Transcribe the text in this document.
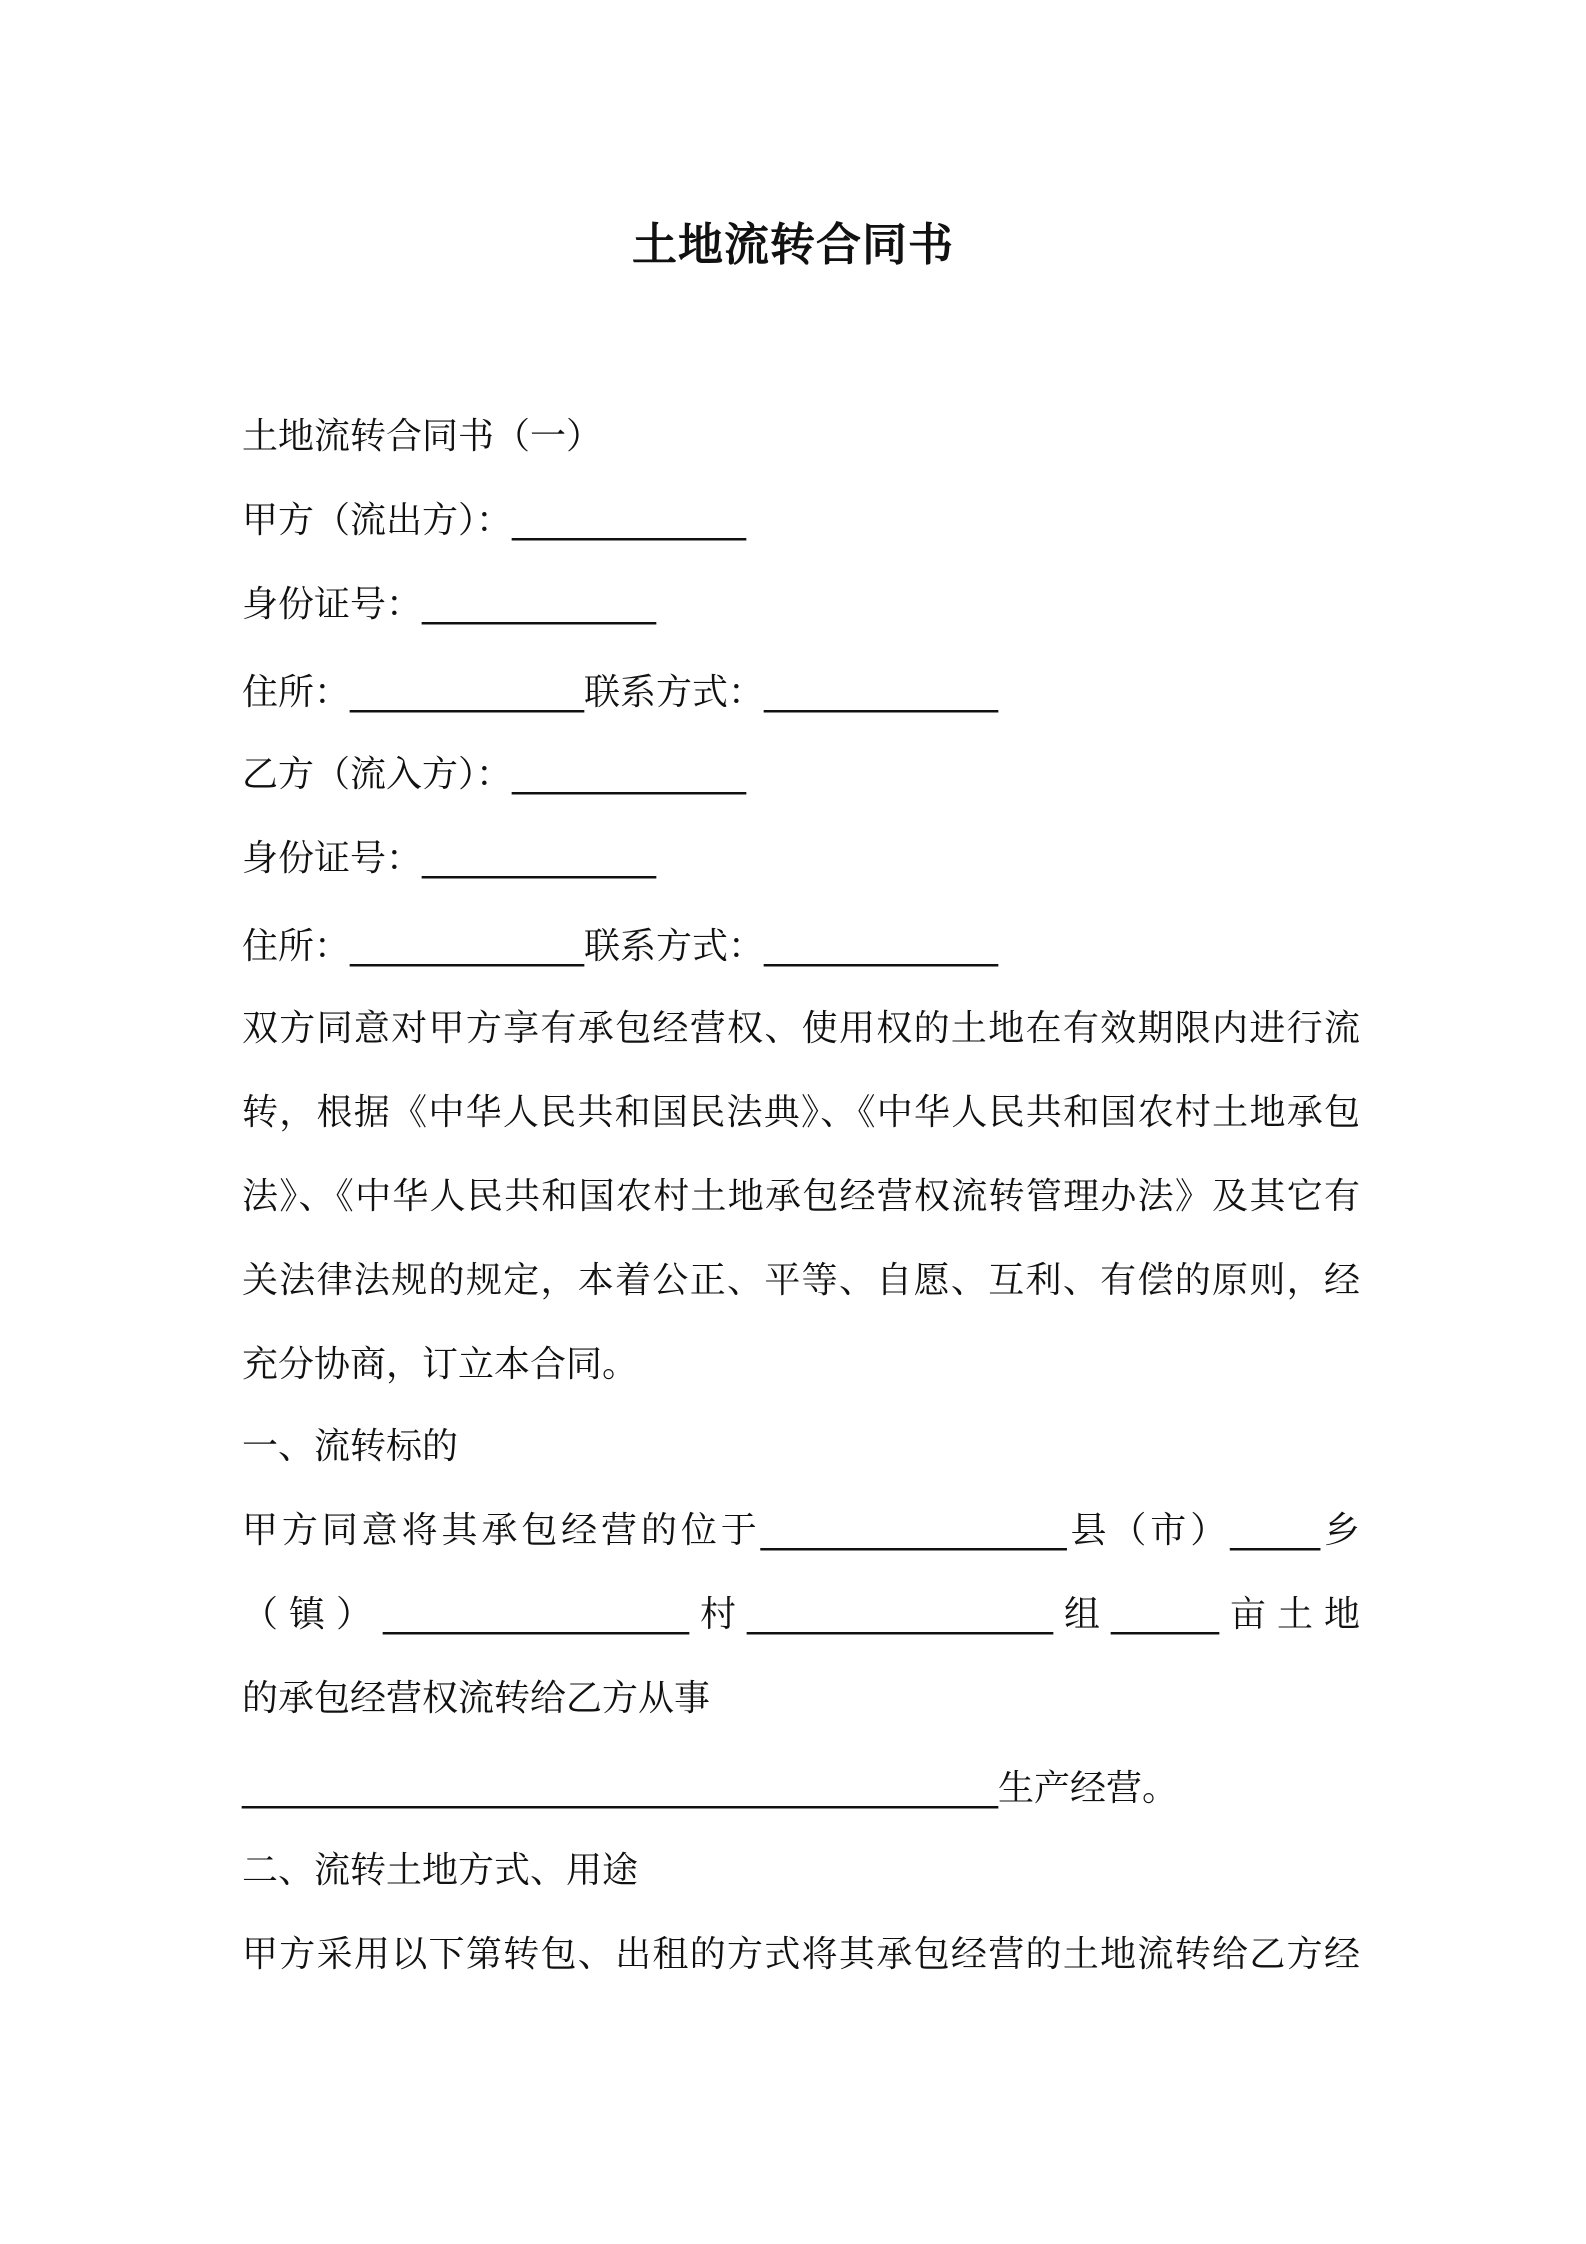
土地流转合同书
土地流转合同书（一）
甲方（流出方）：_____________
身份证号：_____________
住所：_____________联系方式：_____________
乙方（流入方）：_____________
身份证号：_____________
住所：_____________联系方式：_____________
双方同意对甲方享有承包经营权、使用权的土地在有效期限内进行流
转，根据《中华人民共和国民法典》、《中华人民共和国农村土地承包
法》、《中华人民共和国农村土地承包经营权流转管理办法》及其它有
关法律法规的规定，本着公正、平等、自愿、互利、有偿的原则，经
充分协商，订立本合同。
一、流转标的
甲方同意将其承包经营的位于_________________县（市）_____乡
（镇）_________________村_________________组______亩土地
的承包经营权流转给乙方从事
__________________________________________生产经营。
二、流转土地方式、用途
甲方采用以下第转包、出租的方式将其承包经营的土地流转给乙方经
